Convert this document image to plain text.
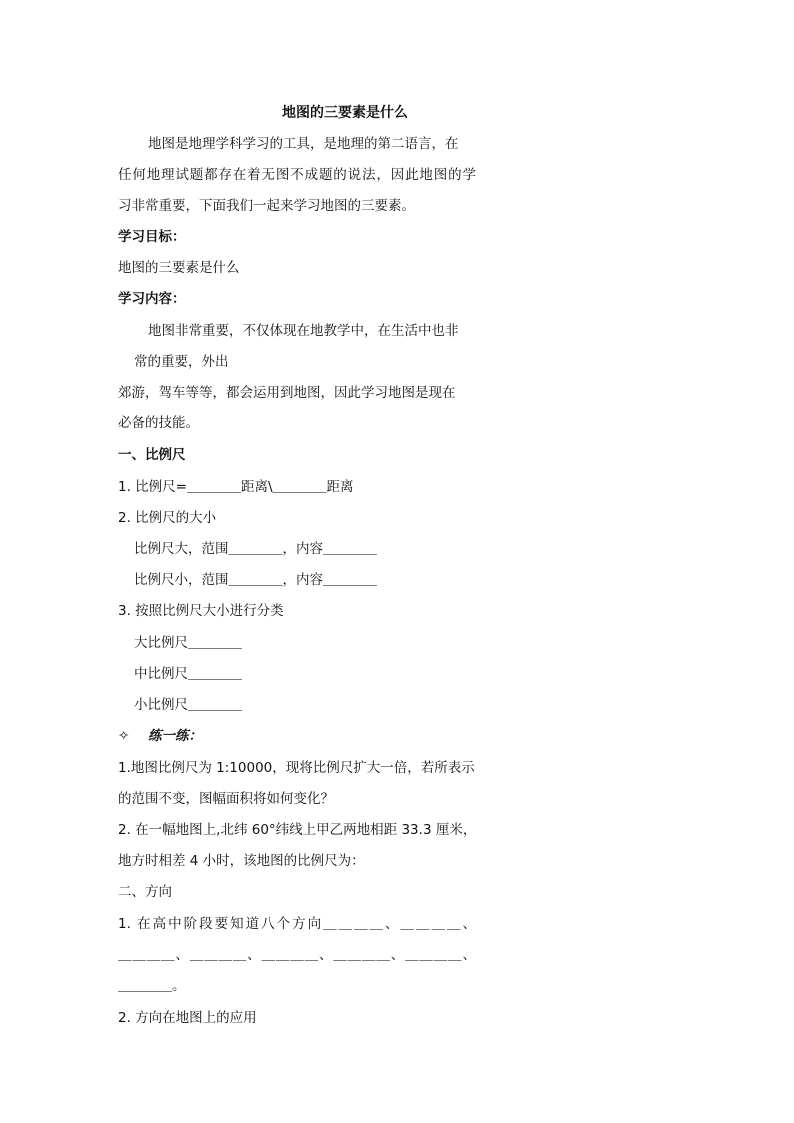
地图的三要素是什么
地图是地理学科学习的工具，是地理的第二语言，在
任何地理试题都存在着无图不成题的说法，因此地图的学
习非常重要，下面我们一起来学习地图的三要素。
学习目标：
地图的三要素是什么
学习内容：
地图非常重要，不仅体现在地教学中，在生活中也非
常的重要，外出
郊游，驾车等等，都会运用到地图，因此学习地图是现在
必备的技能。
一、比例尺
1. 比例尺=＿＿＿＿距离\＿＿＿＿距离
2. 比例尺的大小
比例尺大，范围＿＿＿＿，内容＿＿＿＿
比例尺小，范围＿＿＿＿，内容＿＿＿＿
3. 按照比例尺大小进行分类
大比例尺＿＿＿＿
中比例尺＿＿＿＿
小比例尺＿＿＿＿
✧ 练一练：
1.地图比例尺为 1:10000，现将比例尺扩大一倍，若所表示
的范围不变，图幅面积将如何变化？
2. 在一幅地图上,北纬 60°纬线上甲乙两地相距 33.3 厘米，
地方时相差 4 小时，该地图的比例尺为：
二、方向
1. 在高中阶段要知道八个方向＿＿＿＿、＿＿＿＿、
＿＿＿＿、＿＿＿＿、＿＿＿＿、＿＿＿＿、＿＿＿＿、
＿＿＿＿。
2. 方向在地图上的应用
